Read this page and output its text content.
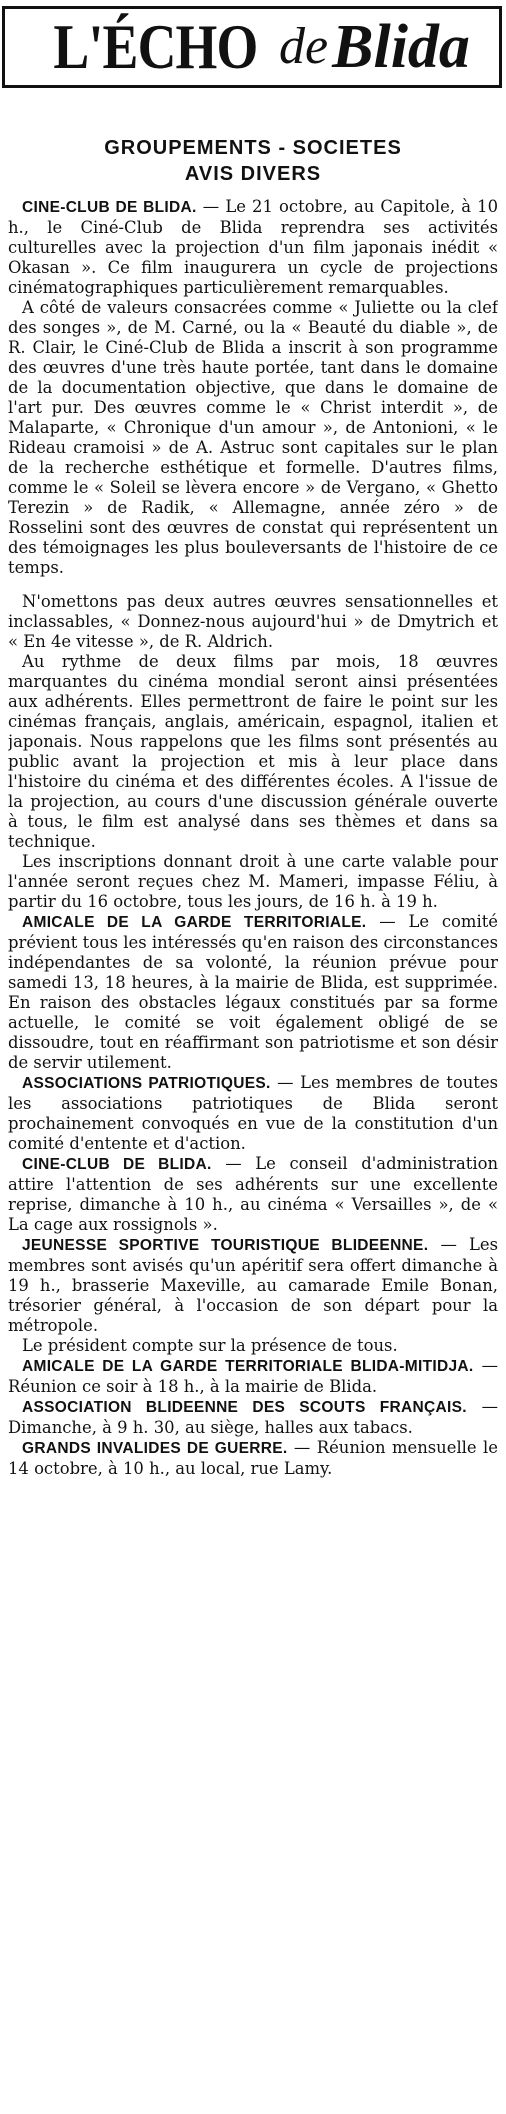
L'ÉCHO de Blida
GROUPEMENTS - SOCIETES
AVIS DIVERS

CINE-CLUB DE BLIDA. — Le 21 octobre, au Capitole, à 10 h., le Ciné-Club de Blida reprendra ses activités culturelles avec la projection d'un film japonais inédit « Okasan ». Ce film inaugurera un cycle de projections cinématographiques particulièrement remarquables.

A côté de valeurs consacrées comme « Juliette ou la clef des songes », de M. Carné, ou la « Beauté du diable », de R. Clair, le Ciné-Club de Blida a inscrit à son programme des œuvres d'une très haute portée, tant dans le domaine de la documentation objective, que dans le domaine de l'art pur. Des œuvres comme le « Christ interdit », de Malaparte, « Chronique d'un amour », de Antonioni, « le Rideau cramoisi » de A. Astruc sont capitales sur le plan de la recherche esthétique et formelle. D'autres films, comme le « Soleil se lèvera encore » de Vergano, « Ghetto Terezin » de Radik, « Allemagne, année zéro » de Rosselini sont des œuvres de constat qui représentent un des témoignages les plus bouleversants de l'histoire de ce temps.

N'omettons pas deux autres œuvres sensationnelles et inclassables, « Donnez-nous aujourd'hui » de Dmytrich et « En 4e vitesse », de R. Aldrich.

Au rythme de deux films par mois, 18 œuvres marquantes du cinéma mondial seront ainsi présentées aux adhérents. Elles permettront de faire le point sur les cinémas français, anglais, américain, espagnol, italien et japonais. Nous rappelons que les films sont présentés au public avant la projection et mis à leur place dans l'histoire du cinéma et des différentes écoles. A l'issue de la projection, au cours d'une discussion générale ouverte à tous, le film est analysé dans ses thèmes et dans sa technique.

Les inscriptions donnant droit à une carte valable pour l'année seront reçues chez M. Mameri, impasse Féliu, à partir du 16 octobre, tous les jours, de 16 h. à 19 h.

AMICALE DE LA GARDE TERRITORIALE. — Le comité prévient tous les intéressés qu'en raison des circonstances indépendantes de sa volonté, la réunion prévue pour samedi 13, 18 heures, à la mairie de Blida, est supprimée. En raison des obstacles légaux constitués par sa forme actuelle, le comité se voit également obligé de se dissoudre, tout en réaffirmant son patriotisme et son désir de servir utilement.

ASSOCIATIONS PATRIOTIQUES. — Les membres de toutes les associations patriotiques de Blida seront prochainement convoqués en vue de la constitution d'un comité d'entente et d'action.

CINE-CLUB DE BLIDA. — Le conseil d'administration attire l'attention de ses adhérents sur une excellente reprise, dimanche à 10 h., au cinéma « Versailles », de « La cage aux rossignols ».

JEUNESSE SPORTIVE TOURISTIQUE BLIDEENNE. — Les membres sont avisés qu'un apéritif sera offert dimanche à 19 h., brasserie Maxeville, au camarade Emile Bonan, trésorier général, à l'occasion de son départ pour la métropole.

Le président compte sur la présence de tous.

AMICALE DE LA GARDE TERRITORIALE BLIDA-MITIDJA. — Réunion ce soir à 18 h., à la mairie de Blida.

ASSOCIATION BLIDEENNE DES SCOUTS FRANÇAIS. — Dimanche, à 9 h. 30, au siège, halles aux tabacs.

GRANDS INVALIDES DE GUERRE. — Réunion mensuelle le 14 octobre, à 10 h., au local, rue Lamy.
